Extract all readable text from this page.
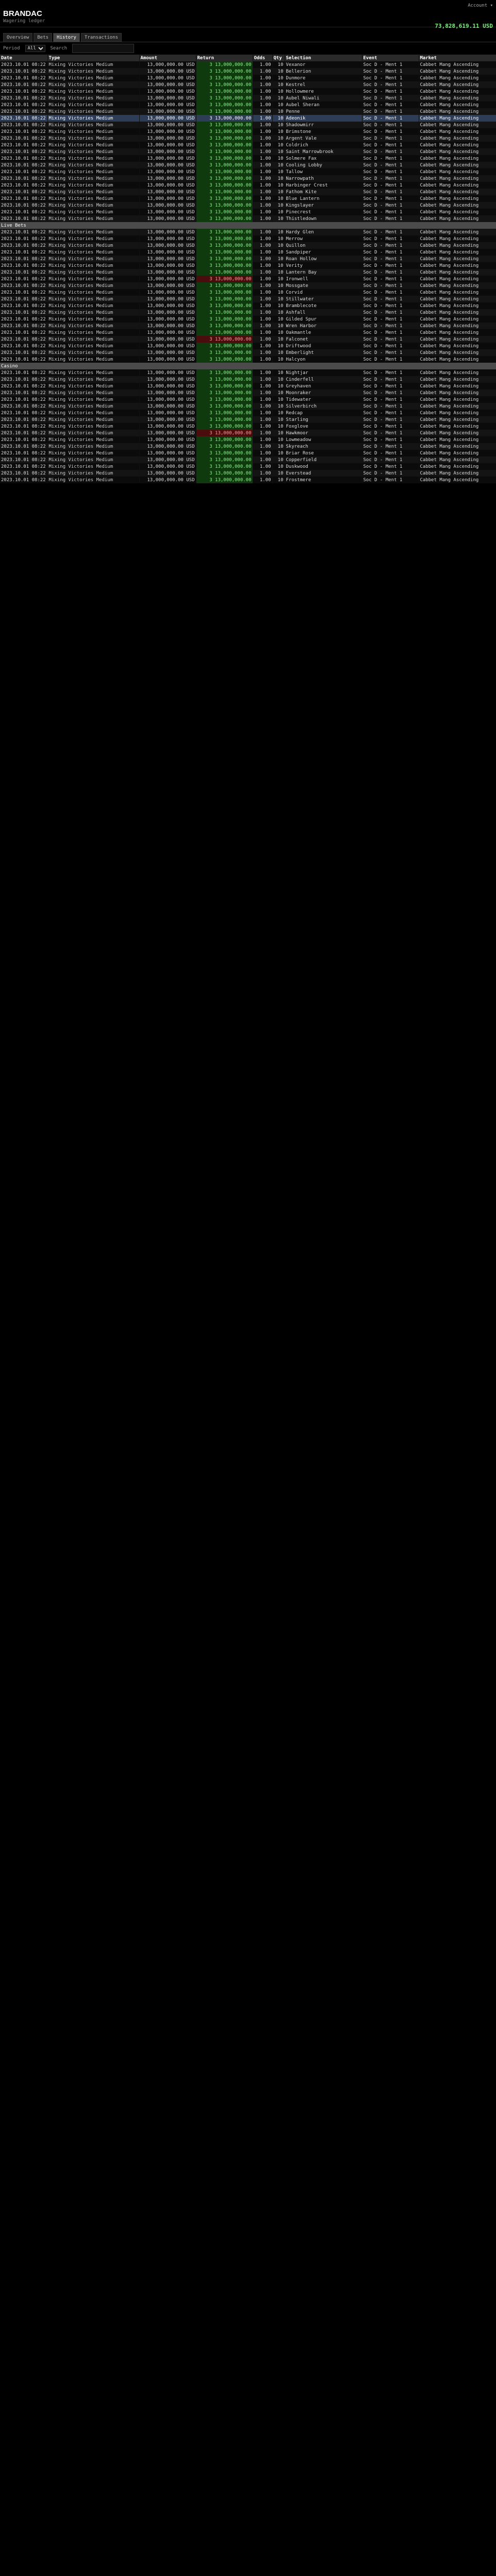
BRANDAC
Wagering ledger
Account ▾
73,828,619.11 USD
Overview	Bets	History	Transactions
Period
All	Search
Date	Type	Amount	Return	Odds	Qty	Selection	Event	Market
2023.10.01 08:22	Mixing Victories Medium	13,000,000.00 USD	3 13,000,000.00	1.00	10	Vexanor	Soc D - Ment 1	Cabbet Mang Ascending
2023.10.01 08:22	Mixing Victories Medium	13,000,000.00 USD	3 13,000,000.00	1.00	10	Bellerion	Soc D - Ment 1	Cabbet Mang Ascending
2023.10.01 08:22	Mixing Victories Medium	13,000,000.00 USD	3 13,000,000.00	1.00	10	Dunmore	Soc D - Ment 1	Cabbet Mang Ascending
2023.10.01 08:22	Mixing Victories Medium	13,000,000.00 USD	3 13,000,000.00	1.00	10	Kestrel	Soc D - Ment 1	Cabbet Mang Ascending
2023.10.01 08:22	Mixing Victories Medium	13,000,000.00 USD	3 13,000,000.00	1.00	10	Hollowmere	Soc D - Ment 1	Cabbet Mang Ascending
2023.10.01 08:22	Mixing Victories Medium	13,000,000.00 USD	3 13,000,000.00	1.00	10	Aubel Niwali	Soc D - Ment 1	Cabbet Mang Ascending
2023.10.01 08:22	Mixing Victories Medium	13,000,000.00 USD	3 13,000,000.00	1.00	10	Aubel Sheran	Soc D - Ment 1	Cabbet Mang Ascending
2023.10.01 08:22	Mixing Victories Medium	13,000,000.00 USD	3 13,000,000.00	1.00	10	Penne	Soc D - Ment 1	Cabbet Mang Ascending
2023.10.01 08:22	Mixing Victories Medium	13,000,000.00 USD	3 13,000,000.00	1.00	10	Adeonik	Soc D - Ment 1	Cabbet Mang Ascending
2023.10.01 08:22	Mixing Victories Medium	13,000,000.00 USD	3 13,000,000.00	1.00	10	Shadowmirr	Soc D - Ment 1	Cabbet Mang Ascending
2023.10.01 08:22	Mixing Victories Medium	13,000,000.00 USD	3 13,000,000.00	1.00	10	Brimstone	Soc D - Ment 1	Cabbet Mang Ascending
2023.10.01 08:22	Mixing Victories Medium	13,000,000.00 USD	3 13,000,000.00	1.00	10	Argent Vale	Soc D - Ment 1	Cabbet Mang Ascending
2023.10.01 08:22	Mixing Victories Medium	13,000,000.00 USD	3 13,000,000.00	1.00	10	Coldrich	Soc D - Ment 1	Cabbet Mang Ascending
2023.10.01 08:22	Mixing Victories Medium	13,000,000.00 USD	3 13,000,000.00	1.00	10	Saint Marrowbrook	Soc D - Ment 1	Cabbet Mang Ascending
2023.10.01 08:22	Mixing Victories Medium	13,000,000.00 USD	3 13,000,000.00	1.00	10	Solmere Fax	Soc D - Ment 1	Cabbet Mang Ascending
2023.10.01 08:22	Mixing Victories Medium	13,000,000.00 USD	3 13,000,000.00	1.00	10	Cooling Lobby	Soc D - Ment 1	Cabbet Mang Ascending
2023.10.01 08:22	Mixing Victories Medium	13,000,000.00 USD	3 13,000,000.00	1.00	10	Tallow	Soc D - Ment 1	Cabbet Mang Ascending
2023.10.01 08:22	Mixing Victories Medium	13,000,000.00 USD	3 13,000,000.00	1.00	10	Narrowpath	Soc D - Ment 1	Cabbet Mang Ascending
2023.10.01 08:22	Mixing Victories Medium	13,000,000.00 USD	3 13,000,000.00	1.00	10	Harbinger Crest	Soc D - Ment 1	Cabbet Mang Ascending
2023.10.01 08:22	Mixing Victories Medium	13,000,000.00 USD	3 13,000,000.00	1.00	10	Fathom Kite	Soc D - Ment 1	Cabbet Mang Ascending
2023.10.01 08:22	Mixing Victories Medium	13,000,000.00 USD	3 13,000,000.00	1.00	10	Blue Lantern	Soc D - Ment 1	Cabbet Mang Ascending
2023.10.01 08:22	Mixing Victories Medium	13,000,000.00 USD	3 13,000,000.00	1.00	10	Kingslayer	Soc D - Ment 1	Cabbet Mang Ascending
2023.10.01 08:22	Mixing Victories Medium	13,000,000.00 USD	3 13,000,000.00	1.00	10	Pinecrest	Soc D - Ment 1	Cabbet Mang Ascending
2023.10.01 08:22	Mixing Victories Medium	13,000,000.00 USD	3 13,000,000.00	1.00	10	Thistledown	Soc D - Ment 1	Cabbet Mang Ascending
Live Bets								
2023.10.01 08:22	Mixing Victories Medium	13,000,000.00 USD	3 13,000,000.00	1.00	10	Hardy Glen	Soc D - Ment 1	Cabbet Mang Ascending
2023.10.01 08:22	Mixing Victories Medium	13,000,000.00 USD	3 13,000,000.00	1.00	10	Merrow	Soc D - Ment 1	Cabbet Mang Ascending
2023.10.01 08:22	Mixing Victories Medium	13,000,000.00 USD	3 13,000,000.00	1.00	10	Quillon	Soc D - Ment 1	Cabbet Mang Ascending
2023.10.01 08:22	Mixing Victories Medium	13,000,000.00 USD	3 13,000,000.00	1.00	10	Sandpiper	Soc D - Ment 1	Cabbet Mang Ascending
2023.10.01 08:22	Mixing Victories Medium	13,000,000.00 USD	3 13,000,000.00	1.00	10	Roan Hollow	Soc D - Ment 1	Cabbet Mang Ascending
2023.10.01 08:22	Mixing Victories Medium	13,000,000.00 USD	3 13,000,000.00	1.00	10	Verity	Soc D - Ment 1	Cabbet Mang Ascending
2023.10.01 08:22	Mixing Victories Medium	13,000,000.00 USD	3 13,000,000.00	1.00	10	Lantern Bay	Soc D - Ment 1	Cabbet Mang Ascending
2023.10.01 08:22	Mixing Victories Medium	13,000,000.00 USD	3 13,000,000.00	1.00	10	Ironwell	Soc D - Ment 1	Cabbet Mang Ascending
2023.10.01 08:22	Mixing Victories Medium	13,000,000.00 USD	3 13,000,000.00	1.00	10	Mossgate	Soc D - Ment 1	Cabbet Mang Ascending
2023.10.01 08:22	Mixing Victories Medium	13,000,000.00 USD	3 13,000,000.00	1.00	10	Corvid	Soc D - Ment 1	Cabbet Mang Ascending
2023.10.01 08:22	Mixing Victories Medium	13,000,000.00 USD	3 13,000,000.00	1.00	10	Stillwater	Soc D - Ment 1	Cabbet Mang Ascending
2023.10.01 08:22	Mixing Victories Medium	13,000,000.00 USD	3 13,000,000.00	1.00	10	Bramblecote	Soc D - Ment 1	Cabbet Mang Ascending
2023.10.01 08:22	Mixing Victories Medium	13,000,000.00 USD	3 13,000,000.00	1.00	10	Ashfall	Soc D - Ment 1	Cabbet Mang Ascending
2023.10.01 08:22	Mixing Victories Medium	13,000,000.00 USD	3 13,000,000.00	1.00	10	Gilded Spur	Soc D - Ment 1	Cabbet Mang Ascending
2023.10.01 08:22	Mixing Victories Medium	13,000,000.00 USD	3 13,000,000.00	1.00	10	Wren Harbor	Soc D - Ment 1	Cabbet Mang Ascending
2023.10.01 08:22	Mixing Victories Medium	13,000,000.00 USD	3 13,000,000.00	1.00	10	Oakmantle	Soc D - Ment 1	Cabbet Mang Ascending
2023.10.01 08:22	Mixing Victories Medium	13,000,000.00 USD	3 13,000,000.00	1.00	10	Falconet	Soc D - Ment 1	Cabbet Mang Ascending
2023.10.01 08:22	Mixing Victories Medium	13,000,000.00 USD	3 13,000,000.00	1.00	10	Driftwood	Soc D - Ment 1	Cabbet Mang Ascending
2023.10.01 08:22	Mixing Victories Medium	13,000,000.00 USD	3 13,000,000.00	1.00	10	Emberlight	Soc D - Ment 1	Cabbet Mang Ascending
2023.10.01 08:22	Mixing Victories Medium	13,000,000.00 USD	3 13,000,000.00	1.00	10	Halcyon	Soc D - Ment 1	Cabbet Mang Ascending
Casino								
2023.10.01 08:22	Mixing Victories Medium	13,000,000.00 USD	3 13,000,000.00	1.00	10	Nightjar	Soc D - Ment 1	Cabbet Mang Ascending
2023.10.01 08:22	Mixing Victories Medium	13,000,000.00 USD	3 13,000,000.00	1.00	10	Cinderfell	Soc D - Ment 1	Cabbet Mang Ascending
2023.10.01 08:22	Mixing Victories Medium	13,000,000.00 USD	3 13,000,000.00	1.00	10	Greyhaven	Soc D - Ment 1	Cabbet Mang Ascending
2023.10.01 08:22	Mixing Victories Medium	13,000,000.00 USD	3 13,000,000.00	1.00	10	Moonraker	Soc D - Ment 1	Cabbet Mang Ascending
2023.10.01 08:22	Mixing Victories Medium	13,000,000.00 USD	3 13,000,000.00	1.00	10	Tidewater	Soc D - Ment 1	Cabbet Mang Ascending
2023.10.01 08:22	Mixing Victories Medium	13,000,000.00 USD	3 13,000,000.00	1.00	10	Silverbirch	Soc D - Ment 1	Cabbet Mang Ascending
2023.10.01 08:22	Mixing Victories Medium	13,000,000.00 USD	3 13,000,000.00	1.00	10	Redcap	Soc D - Ment 1	Cabbet Mang Ascending
2023.10.01 08:22	Mixing Victories Medium	13,000,000.00 USD	3 13,000,000.00	1.00	10	Starling	Soc D - Ment 1	Cabbet Mang Ascending
2023.10.01 08:22	Mixing Victories Medium	13,000,000.00 USD	3 13,000,000.00	1.00	10	Foxglove	Soc D - Ment 1	Cabbet Mang Ascending
2023.10.01 08:22	Mixing Victories Medium	13,000,000.00 USD	3 13,000,000.00	1.00	10	Hawkmoor	Soc D - Ment 1	Cabbet Mang Ascending
2023.10.01 08:22	Mixing Victories Medium	13,000,000.00 USD	3 13,000,000.00	1.00	10	Lowmeadow	Soc D - Ment 1	Cabbet Mang Ascending
2023.10.01 08:22	Mixing Victories Medium	13,000,000.00 USD	3 13,000,000.00	1.00	10	Skyreach	Soc D - Ment 1	Cabbet Mang Ascending
2023.10.01 08:22	Mixing Victories Medium	13,000,000.00 USD	3 13,000,000.00	1.00	10	Briar Rose	Soc D - Ment 1	Cabbet Mang Ascending
2023.10.01 08:22	Mixing Victories Medium	13,000,000.00 USD	3 13,000,000.00	1.00	10	Copperfield	Soc D - Ment 1	Cabbet Mang Ascending
2023.10.01 08:22	Mixing Victories Medium	13,000,000.00 USD	3 13,000,000.00	1.00	10	Duskwood	Soc D - Ment 1	Cabbet Mang Ascending
2023.10.01 08:22	Mixing Victories Medium	13,000,000.00 USD	3 13,000,000.00	1.00	10	Everstead	Soc D - Ment 1	Cabbet Mang Ascending
2023.10.01 08:22	Mixing Victories Medium	13,000,000.00 USD	3 13,000,000.00	1.00	10	Frostmere	Soc D - Ment 1	Cabbet Mang Ascending
